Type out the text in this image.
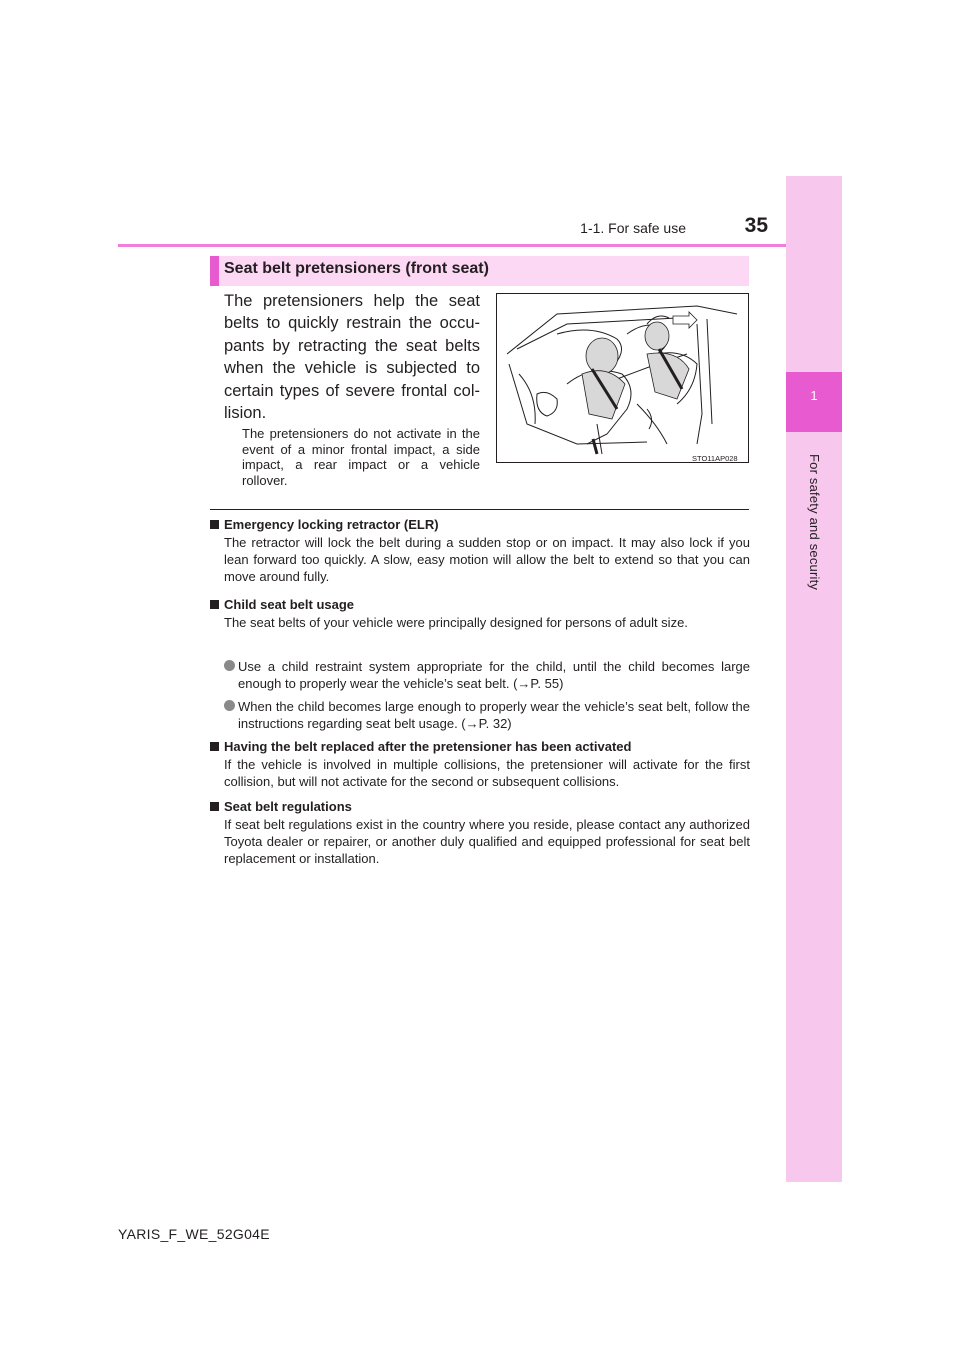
1
For safety and security
1-1. For safe use	35
Seat belt pretensioners (front seat)

The pretensioners help the seat belts to quickly restrain the occu-pants by retracting the seat belts when the vehicle is subjected to certain types of severe frontal col-lision.

The pretensioners do not activate in the event of a minor frontal impact, a side impact, a rear impact or a vehicle rollover.

STO11AP028
Emergency locking retractor (ELR)
The retractor will lock the belt during a sudden stop or on impact. It may also lock if you lean forward too quickly. A slow, easy motion will allow the belt to extend so that you can move around fully.
Child seat belt usage
The seat belts of your vehicle were principally designed for persons of adult size.
Use a child restraint system appropriate for the child, until the child becomes large enough to properly wear the vehicle’s seat belt. (→P. 55)
When the child becomes large enough to properly wear the vehicle’s seat belt, follow the instructions regarding seat belt usage. (→P. 32)
Having the belt replaced after the pretensioner has been activated
If the vehicle is involved in multiple collisions, the pretensioner will activate for the first collision, but will not activate for the second or subsequent collisions.
Seat belt regulations
If seat belt regulations exist in the country where you reside, please contact any authorized Toyota dealer or repairer, or another duly qualified and equipped professional for seat belt replacement or installation.
YARIS_F_WE_52G04E
